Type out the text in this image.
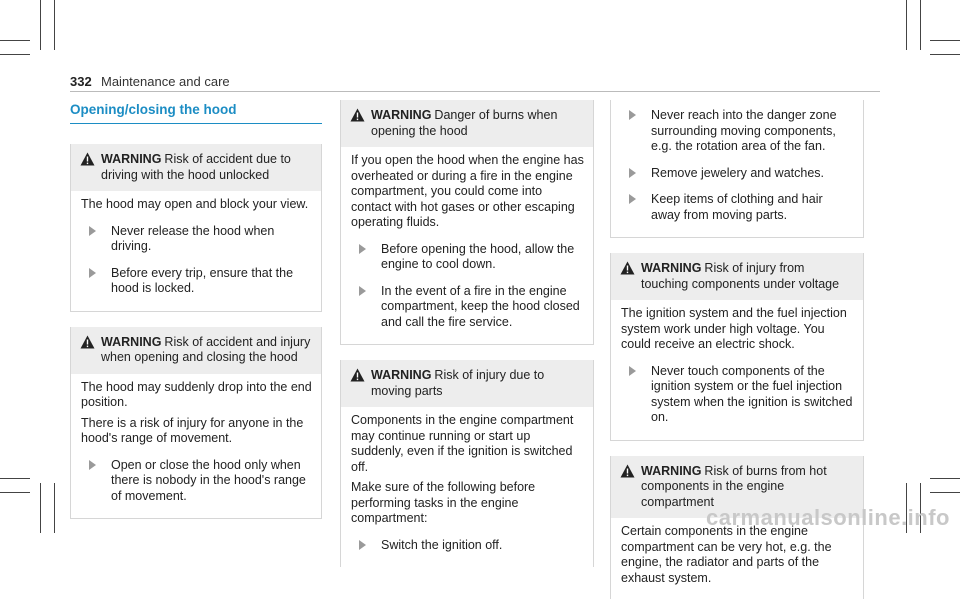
332 Maintenance and care
Opening/closing the hood
WARNING Risk of accident due to driving with the hood unlocked

The hood may open and block your view.

Never release the hood when driving.
Before every trip, ensure that the hood is locked.
WARNING Risk of accident and injury when opening and closing the hood

The hood may suddenly drop into the end position.

There is a risk of injury for anyone in the hood's range of movement.

Open or close the hood only when there is nobody in the hood's range of movement.
WARNING Danger of burns when opening the hood

If you open the hood when the engine has overheated or during a fire in the engine compartment, you could come into contact with hot gases or other escaping operating fluids.

Before opening the hood, allow the engine to cool down.
In the event of a fire in the engine compartment, keep the hood closed and call the fire service.
WARNING Risk of injury due to moving parts

Components in the engine compartment may continue running or start up suddenly, even if the ignition is switched off.

Make sure of the following before performing tasks in the engine compartment:

Switch the ignition off.
Never reach into the danger zone surrounding moving components, e.g. the rotation area of the fan.
Remove jewelery and watches.
Keep items of clothing and hair away from moving parts.
WARNING Risk of injury from touching components under voltage

The ignition system and the fuel injection system work under high voltage. You could receive an electric shock.

Never touch components of the ignition system or the fuel injection system when the ignition is switched on.
WARNING Risk of burns from hot components in the engine compartment

Certain components in the engine compartment can be very hot, e.g. the engine, the radiator and parts of the exhaust system.

carmanualsonline.info
